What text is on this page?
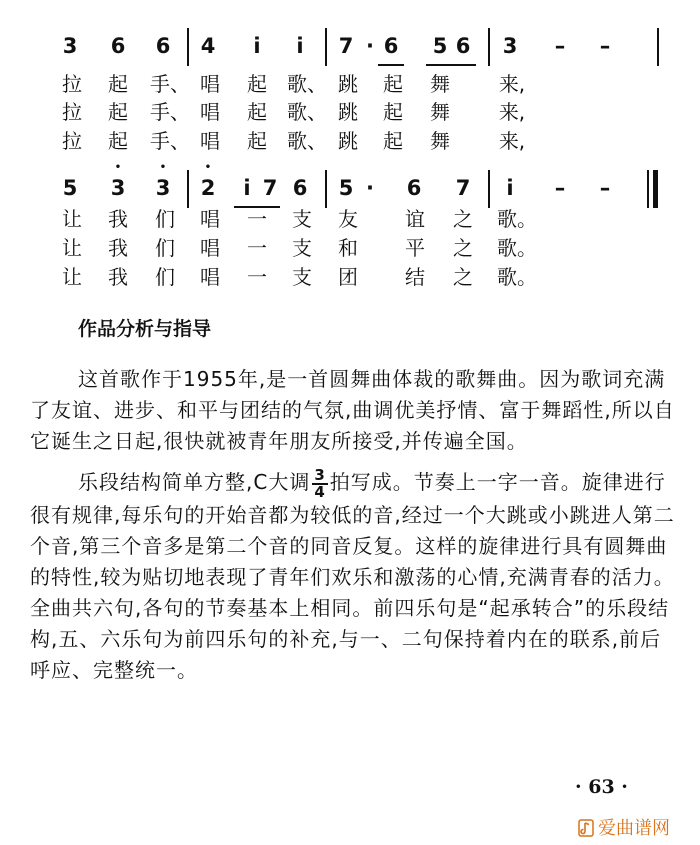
3	6	6	4	i	i	7 · 6	5 6	3	–	–
拉 起 手、 唱 起 歌、 跳 起 舞 来,
拉 起 手、 唱 起 歌、 跳 起 舞 来,
拉 起 手、 唱 起 歌、 跳 起 舞 来,
5	• 3	• 3	• 2	i 7 6	5 ·	6	7	i	–	–
让 我 们 唱 一 支 友 谊 之 歌。
让 我 们 唱 一 支 和 平 之 歌。
让 我 们 唱 一 支 团 结 之 歌。
作品分析与指导

这首歌作于1955年,是一首圆舞曲体裁的歌舞曲。因为歌词充满了友谊、进步、和平与团结的气氛,曲调优美抒情、富于舞蹈性,所以自它诞生之日起,很快就被青年朋友所接受,并传遍全国。

乐段结构简单方整,C大调 $\frac{3}{4}$ 拍写成。节奏上一字一音。旋律进行很有规律,每乐句的开始音都为较低的音,经过一个大跳或小跳进人第二个音,第三个音多是第二个音的同音反复。这样的旋律进行具有圆舞曲的特性,较为贴切地表现了青年们欢乐和激荡的心情,充满青春的活力。全曲共六句,各句的节奏基本上相同。前四乐句是“起承转合”的乐段结构,五、六乐句为前四乐句的补充,与一、二句保持着内在的联系,前后呼应、完整统一。

· 63 ·
爱曲谱网
